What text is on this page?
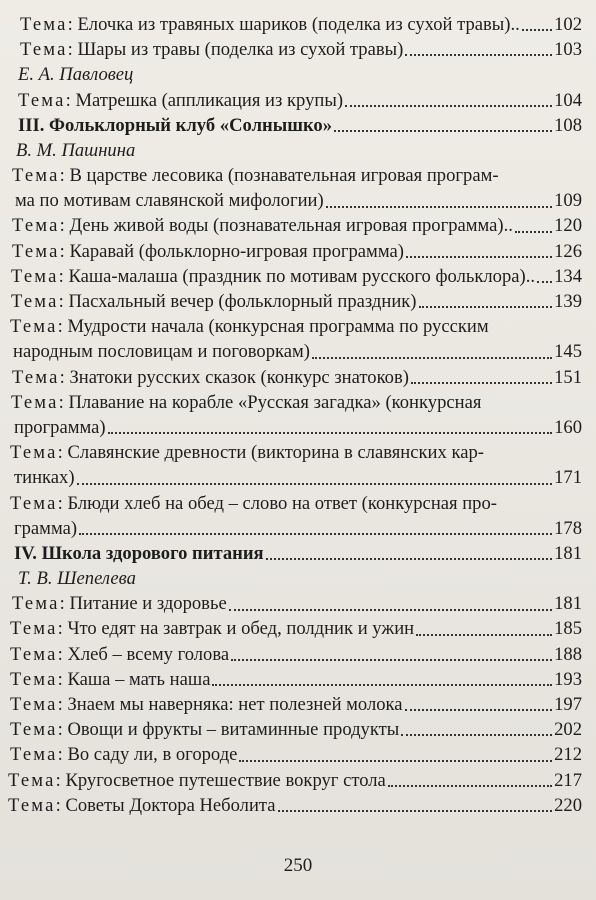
Тема: Елочка из травяных шариков (поделка из сухой травы).. 102
Тема: Шары из травы (поделка из сухой травы)	103
Е. А. Павловец
Тема: Матрешка (аппликация из крупы)	104
III. Фольклорный клуб «Солнышко»	108
В. М. Пашнина
Тема: В царстве лесовика (познавательная игровая програм-
ма по мотивам славянской мифологии)	109
Тема: День живой воды (познавательная игровая программа).. 120
Тема: Каравай (фольклорно-игровая программа)	126
Тема: Каша-малаша (праздник по мотивам русского фольклора).. 134
Тема: Пасхальный вечер (фольклорный праздник)	139
Тема: Мудрости начала (конкурсная программа по русским
народным пословицам и поговоркам)	145
Тема: Знатоки русских сказок (конкурс знатоков)	151
Тема: Плавание на корабле «Русская загадка» (конкурсная
программа)	160
Тема: Славянские древности (викторина в славянских кар-
тинках)	171
Тема: Блюди хлеб на обед – слово на ответ (конкурсная про-
грамма)	178
IV. Школа здорового питания	181
Т. В. Шепелева
Тема: Питание и здоровье	181
Тема: Что едят на завтрак и обед, полдник и ужин	185
Тема: Хлеб – всему голова	188
Тема: Каша – мать наша	193
Тема: Знаем мы наверняка: нет полезней молока	197
Тема: Овощи и фрукты – витаминные продукты	202
Тема: Во саду ли, в огороде	212
Тема: Кругосветное путешествие вокруг стола	217
Тема: Советы Доктора Неболита	220
250
